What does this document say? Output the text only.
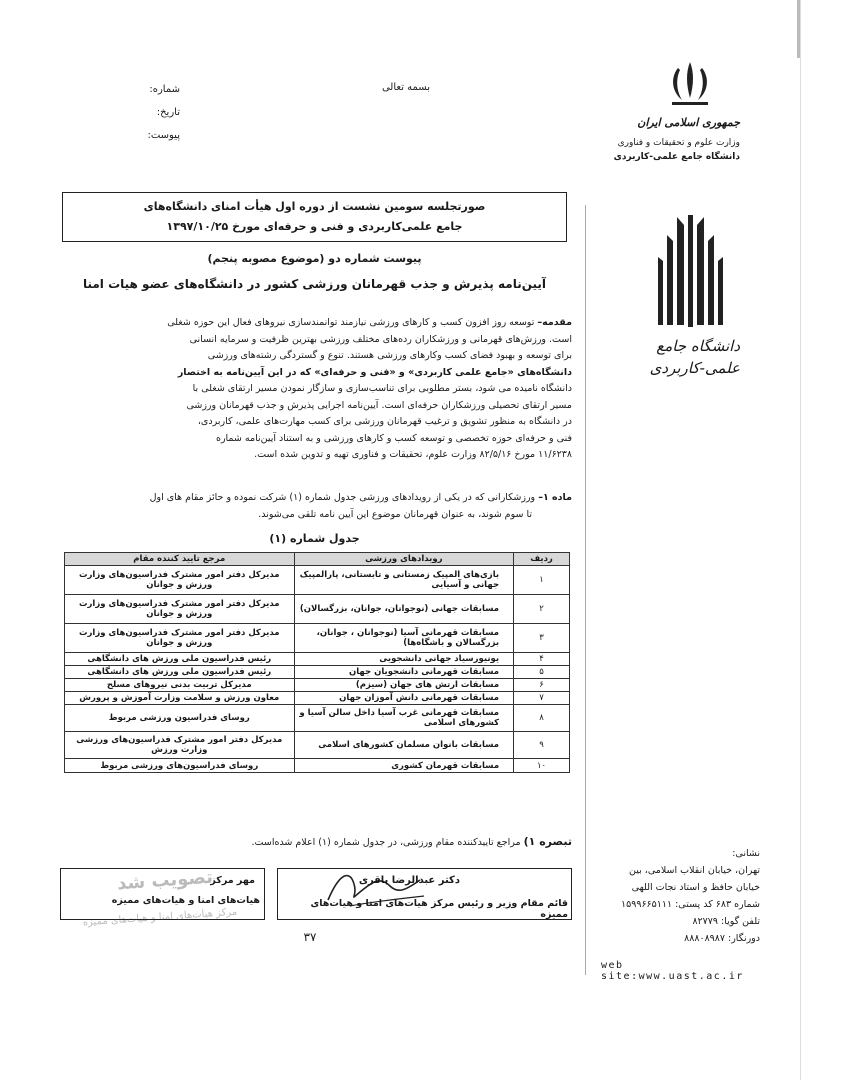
شماره:
تاریخ:
پیوست:
بسمه تعالی
جمهوری اسلامی ایران
وزارت علوم و تحقیقات و فناوری
دانشگاه جامع علمی-کاربردی
دانشگاه جامع
علمی-کاربردی
صورتجلسه سومین نشست از دوره اول هیأت امنای دانشگاه‌های
جامع علمی‌کاربردی و فنی و حرفه‌ای مورخ ۱۳۹۷/۱۰/۲۵
پیوست شماره دو (موضوع مصوبه پنجم)
آیین‌نامه پذیرش و جذب قهرمانان ورزشی کشور در دانشگاه‌های عضو هیات امنا
مقدمه– توسعه روز افزون کسب و کارهای ورزشی نیازمند توانمندسازی نیروهای فعال این حوزه شغلی
است. ورزش‌های قهرمانی و ورزشکاران رده‌های مختلف ورزشی بهترین ظرفیت و سرمایه انسانی
برای توسعه و بهبود فضای کسب وکارهای ورزشی هستند. تنوع و گستردگی رشته‌های ورزشی
دانشگاه‌های «جامع علمی کاربردی» و «فنی و حرفه‌ای» که در این آیین‌نامه به اختصار
دانشگاه نامیده می شود، بستر مطلوبی برای تناسب‌سازی و سازگار نمودن مسیر ارتقای شغلی با
مسیر ارتقای تحصیلی ورزشکاران حرفه‌ای است. آیین‌نامه اجرایی پذیرش و جذب قهرمانان ورزشی
در دانشگاه به منظور تشویق و ترغیب قهرمانان ورزشی برای کسب مهارت‌های علمی، کاربردی،
فنی و حرفه‌ای حوزه تخصصی و توسعه کسب و کارهای ورزشی و به استناد آیین‌نامه شماره
۱۱/۶۲۳۸ مورخ ۸۲/۵/۱۶ وزارت علوم، تحقیقات و فناوری تهیه و تدوین شده است.
ماده ۱– ورزشکارانی که در یکی از رویدادهای ورزشی جدول شماره (۱) شرکت نموده و حائز مقام های اول
تا سوم شوند، به عنوان قهرمانان موضوع این آیین نامه تلقی می‌شوند.
جدول شماره (۱)
ردیف	رویدادهای ورزشی	مرجع تایید کننده مقام
۱	بازی‌های المپیک زمستانی و تابستانی، پارالمپیک جهانی و آسیایی	مدیرکل دفتر امور مشترک فدراسیون‌های وزارت ورزش و جوانان
۲	مسابقات جهانی (نوجوانان، جوانان، بزرگسالان)	مدیرکل دفتر امور مشترک فدراسیون‌های وزارت ورزش و جوانان
۳	مسابقات قهرمانی آسیا (نوجوانان ، جوانان، بزرگسالان و باشگاه‌ها)	مدیرکل دفتر امور مشترک فدراسیون‌های وزارت ورزش و جوانان
۴	یونیورسیاد جهانی دانشجویی	رئیس فدراسیون ملی ورزش های دانشگاهی
۵	مسابقات قهرمانی دانشجویان جهان	رئیس فدراسیون ملی ورزش های دانشگاهی
۶	مسابقات ارتش های جهان (سیزم)	مدیرکل تربیت بدنی نیروهای مسلح
۷	مسابقات قهرمانی دانش آموزان جهان	معاون ورزش و سلامت وزارت آموزش و پرورش
۸	مسابقات قهرمانی غرب آسیا داخل سالن آسیا و کشورهای اسلامی	روسای فدراسیون ورزشی مربوط
۹	مسابقات بانوان مسلمان کشورهای اسلامی	مدیرکل دفتر امور مشترک فدراسیون‌های ورزشی وزارت ورزش
۱۰	مسابقات قهرمان کشوری	روسای فدراسیون‌های ورزشی مربوط
تبصره ۱) مراجع تاییدکننده مقام ورزشی، در جدول شماره (۱) اعلام شده‌است.
دکتر عبدالرضا باقری
قائم مقام وزیر و رئیس مرکز هیات‌های امنا و هیات‌های ممیزه
تصویب شد
مهر مرکز
هیات‌های امنا و هیات‌های ممیزه
مرکز هیات‌های امنا و هیات‌های ممیزه
۳۷
نشانی:
تهران، خیابان انقلاب اسلامی، بین
خیابان حافظ و استاد نجات اللهی
شماره ۶۸۳ کد پستی: ۱۵۹۹۶۶۵۱۱۱
تلفن گویا: ۸۲۷۷۹
دورنگار: ۸۸۸۰۸۹۸۷
web site:www.uast.ac.ir
